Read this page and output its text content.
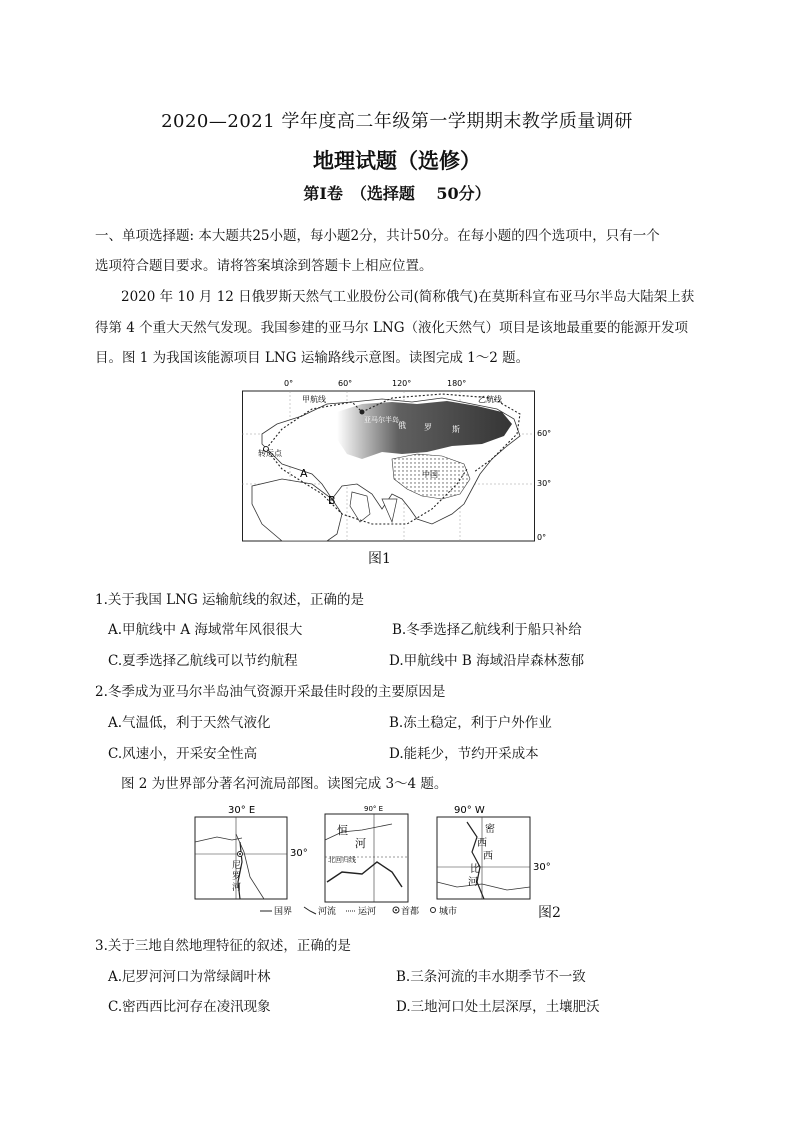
2020—2021 学年度高二年级第一学期期末教学质量调研
地理试题（选修）
第Ⅰ卷　（选择题　 50分）
一、单项选择题: 本大题共25小题，每小题2分，共计50分。在每小题的四个选项中，只有一个
选项符合题目要求。请将答案填涂到答题卡上相应位置。
2020 年 10 月 12 日俄罗斯天然气工业股份公司(简称俄气)在莫斯科宣布亚马尔半岛大陆架上获
得第 4 个重大天然气发现。我国参建的亚马尔 LNG（液化天然气）项目是该地最重要的能源开发项
目。图 1 为我国该能源项目 LNG 运输路线示意图。读图完成 1～2 题。
0°	60°	120°	180°
60°
30°
0°
甲航线	乙航线
转运点
亚马尔半岛
俄 罗	斯
中国
A
B
图1
1.关于我国 LNG 运输航线的叙述，正确的是
A.甲航线中 A 海域常年风很很大	B.冬季选择乙航线利于船只补给
C.夏季选择乙航线可以节约航程	D.甲航线中 B 海域沿岸森林葱郁
2.冬季成为亚马尔半岛油气资源开采最佳时段的主要原因是
A.气温低，利于天然气液化	B.冻土稳定，利于户外作业
C.风速小，开采安全性高	D.能耗少，节约开采成本
图 2 为世界部分著名河流局部图。读图完成 3～4 题。
30° E
30°
尼
罗
河
90° E
恒
河
北回归线
90° W
30°
密
西
西
比
河
国界	河流 运河	首都 城市	图2
3.关于三地自然地理特征的叙述，正确的是
A.尼罗河河口为常绿阔叶林	B.三条河流的丰水期季节不一致
C.密西西比河存在凌汛现象	D.三地河口处土层深厚，土壤肥沃
